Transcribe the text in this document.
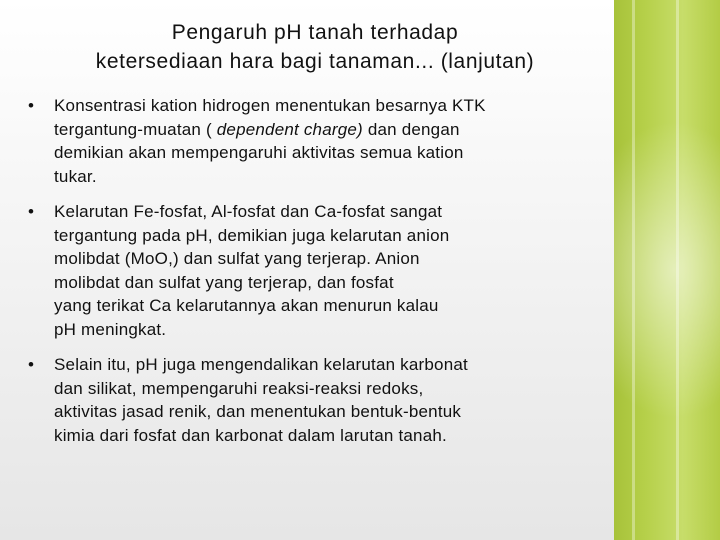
Pengaruh pH tanah terhadap
ketersediaan hara bagi tanaman... (lanjutan)
• Konsentrasi kation hidrogen menentukan besarnya KTK
tergantung-muatan ( dependent charge) dan dengan
demikian akan mempengaruhi aktivitas semua kation
tukar.
• Kelarutan Fe-fosfat, Al-fosfat dan Ca-fosfat sangat
tergantung pada pH, demikian juga kelarutan anion
molibdat (MoO,) dan sulfat yang terjerap. Anion
molibdat dan sulfat yang terjerap, dan fosfat
yang terikat Ca kelarutannya akan menurun kalau
pH meningkat.
• Selain itu, pH juga mengendalikan kelarutan karbonat
dan silikat, mempengaruhi reaksi-reaksi redoks,
aktivitas jasad renik, dan menentukan bentuk-bentuk
kimia dari fosfat dan karbonat dalam larutan tanah.
